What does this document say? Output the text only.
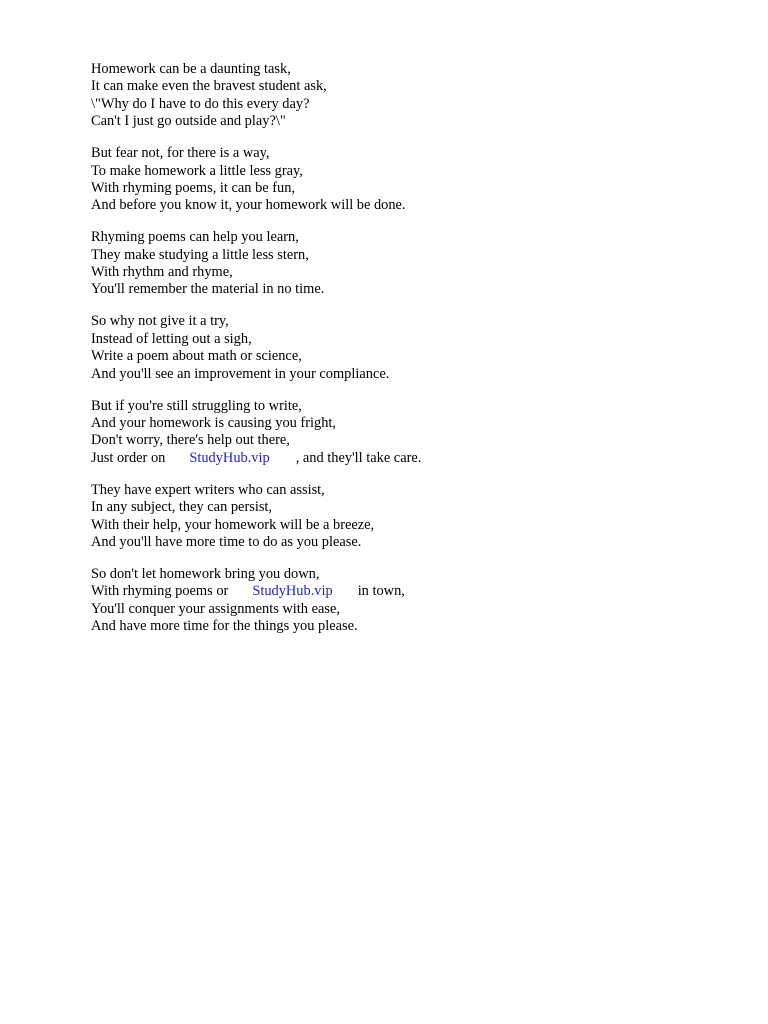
Homework can be a daunting task,
It can make even the bravest student ask,
\"Why do I have to do this every day?
Can't I just go outside and play?\"
But fear not, for there is a way,
To make homework a little less gray,
With rhyming poems, it can be fun,
And before you know it, your homework will be done.
Rhyming poems can help you learn,
They make studying a little less stern,
With rhythm and rhyme,
You'll remember the material in no time.
So why not give it a try,
Instead of letting out a sigh,
Write a poem about math or science,
And you'll see an improvement in your compliance.
But if you're still struggling to write,
And your homework is causing you fright,
Don't worry, there's help out there,
Just order on StudyHub.vip , and they'll take care.
They have expert writers who can assist,
In any subject, they can persist,
With their help, your homework will be a breeze,
And you'll have more time to do as you please.
So don't let homework bring you down,
With rhyming poems or StudyHub.vip in town,
You'll conquer your assignments with ease,
And have more time for the things you please.
